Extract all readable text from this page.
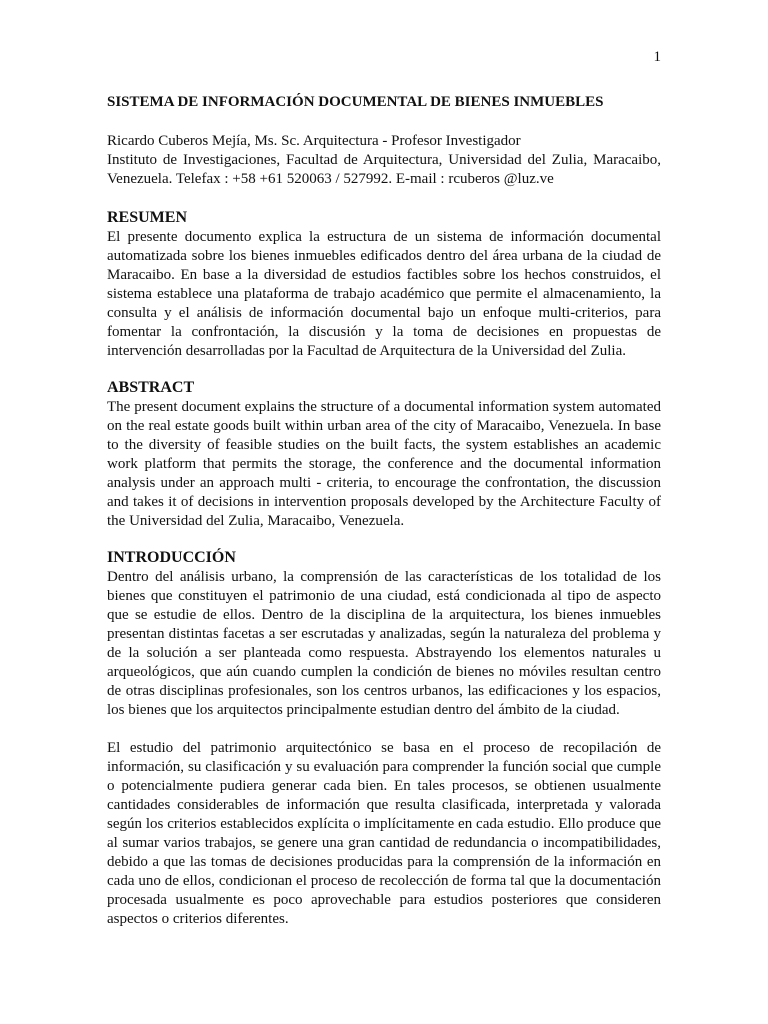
1
SISTEMA DE INFORMACIÓN DOCUMENTAL DE BIENES INMUEBLES

Ricardo Cuberos Mejía, Ms. Sc. Arquitectura - Profesor Investigador

Instituto de Investigaciones, Facultad de Arquitectura, Universidad del Zulia, Maracaibo, Venezuela. Telefax : +58 +61 520063 / 527992. E-mail : rcuberos @luz.ve

RESUMEN

El presente documento explica la estructura de un sistema de información documental automatizada sobre los bienes inmuebles edificados dentro del área urbana de la ciudad de Maracaibo. En base a la diversidad de estudios factibles sobre los hechos construidos, el sistema establece una plataforma de trabajo académico que permite el almacenamiento, la consulta y el análisis de información documental bajo un enfoque multi-criterios, para fomentar la confrontación, la discusión y la toma de decisiones en propuestas de intervención desarrolladas por la Facultad de Arquitectura de la Universidad del Zulia.

ABSTRACT

The present document explains the structure of a documental information system automated on the real estate goods built within urban area of the city of Maracaibo, Venezuela. In base to the diversity of feasible studies on the built facts, the system establishes an academic work platform that permits the storage, the conference and the documental information analysis under an approach multi - criteria, to encourage the confrontation, the discussion and takes it of decisions in intervention proposals developed by the Architecture Faculty of the Universidad del Zulia, Maracaibo, Venezuela.

INTRODUCCIÓN

Dentro del análisis urbano, la comprensión de las características de los totalidad de los bienes que constituyen el patrimonio de una ciudad, está condicionada al tipo de aspecto que se estudie de ellos. Dentro de la disciplina de la arquitectura, los bienes inmuebles presentan distintas facetas a ser escrutadas y analizadas, según la naturaleza del problema y de la solución a ser planteada como respuesta. Abstrayendo los elementos naturales u arqueológicos, que aún cuando cumplen la condición de bienes no móviles resultan centro de otras disciplinas profesionales, son los centros urbanos, las edificaciones y los espacios, los bienes que los arquitectos principalmente estudian dentro del ámbito de la ciudad.

El estudio del patrimonio arquitectónico se basa en el proceso de recopilación de información, su clasificación y su evaluación para comprender la función social que cumple o potencialmente pudiera generar cada bien. En tales procesos, se obtienen usualmente cantidades considerables de información que resulta clasificada, interpretada y valorada según los criterios establecidos explícita o implícitamente en cada estudio. Ello produce que al sumar varios trabajos, se genere una gran cantidad de redundancia o incompatibilidades, debido a que las tomas de decisiones producidas para la comprensión de la información en cada uno de ellos, condicionan el proceso de recolección de forma tal que la documentación procesada usualmente es poco aprovechable para estudios posteriores que consideren aspectos o criterios diferentes.
